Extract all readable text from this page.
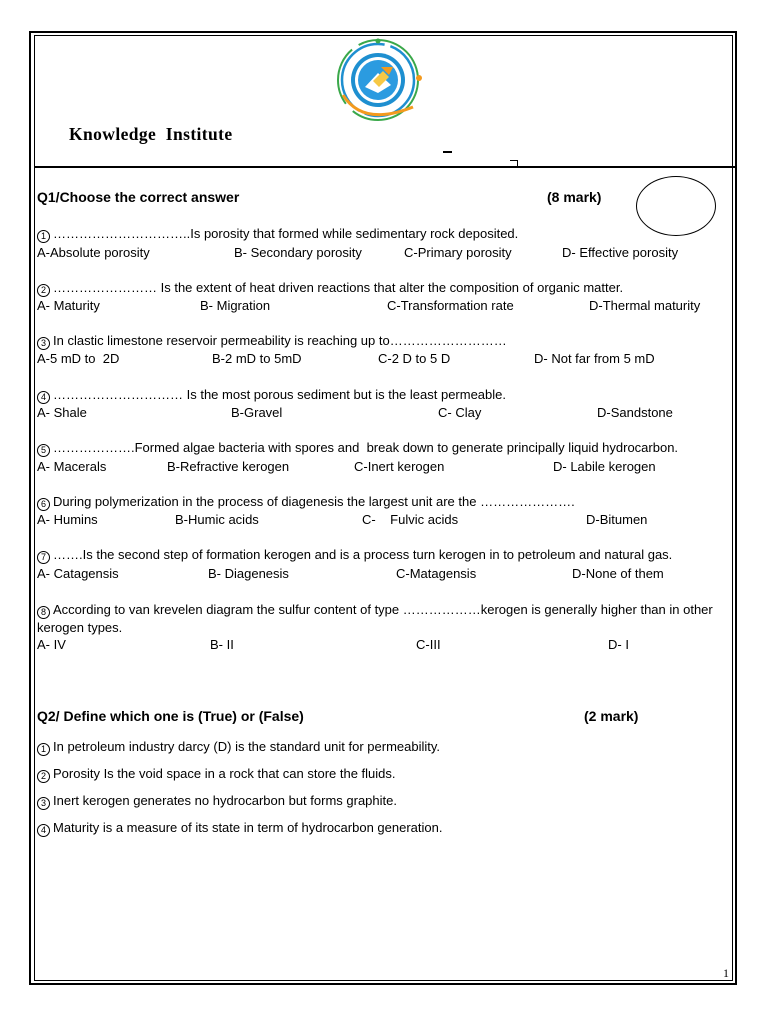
Knowledge  Institute
Q1/Choose the correct answer	(8 mark)
1 …………………………..Is porosity that formed while sedimentary rock deposited.
A-Absolute porosity	B- Secondary porosity	C-Primary porosity	D- Effective porosity
2 …………………… Is the extent of heat driven reactions that alter the composition of organic matter.
A- Maturity	B- Migration	C-Transformation rate	D-Thermal maturity
3 In clastic limestone reservoir permeability is reaching up to………………………
A-5 mD to  2D	B-2 mD to 5mD	C-2 D to 5 D	D- Not far from 5 mD
4 ………………………… Is the most porous sediment but is the least permeable.
A- Shale	B-Gravel	C- Clay	D-Sandstone
5 ……………….Formed algae bacteria with spores and  break down to generate principally liquid hydrocarbon.
A- Macerals	B-Refractive kerogen	C-Inert kerogen	D- Labile kerogen
6 During polymerization in the process of diagenesis the largest unit are the ………………….
A- Humins	B-Humic acids	C-    Fulvic acids	D-Bitumen
7 …….Is the second step of formation kerogen and is a process turn kerogen in to petroleum and natural gas.
A- Catagensis	B- Diagenesis	C-Matagensis	D-None of them
8 According to van krevelen diagram the sulfur content of type ………………kerogen is generally higher than in other kerogen types.
A- IV	B- II	C-III	D- I
Q2/ Define which one is (True) or (False)	(2 mark)
1 In petroleum industry darcy (D) is the standard unit for permeability.
2 Porosity Is the void space in a rock that can store the fluids.
3 Inert kerogen generates no hydrocarbon but forms graphite.
4 Maturity is a measure of its state in term of hydrocarbon generation.
1
